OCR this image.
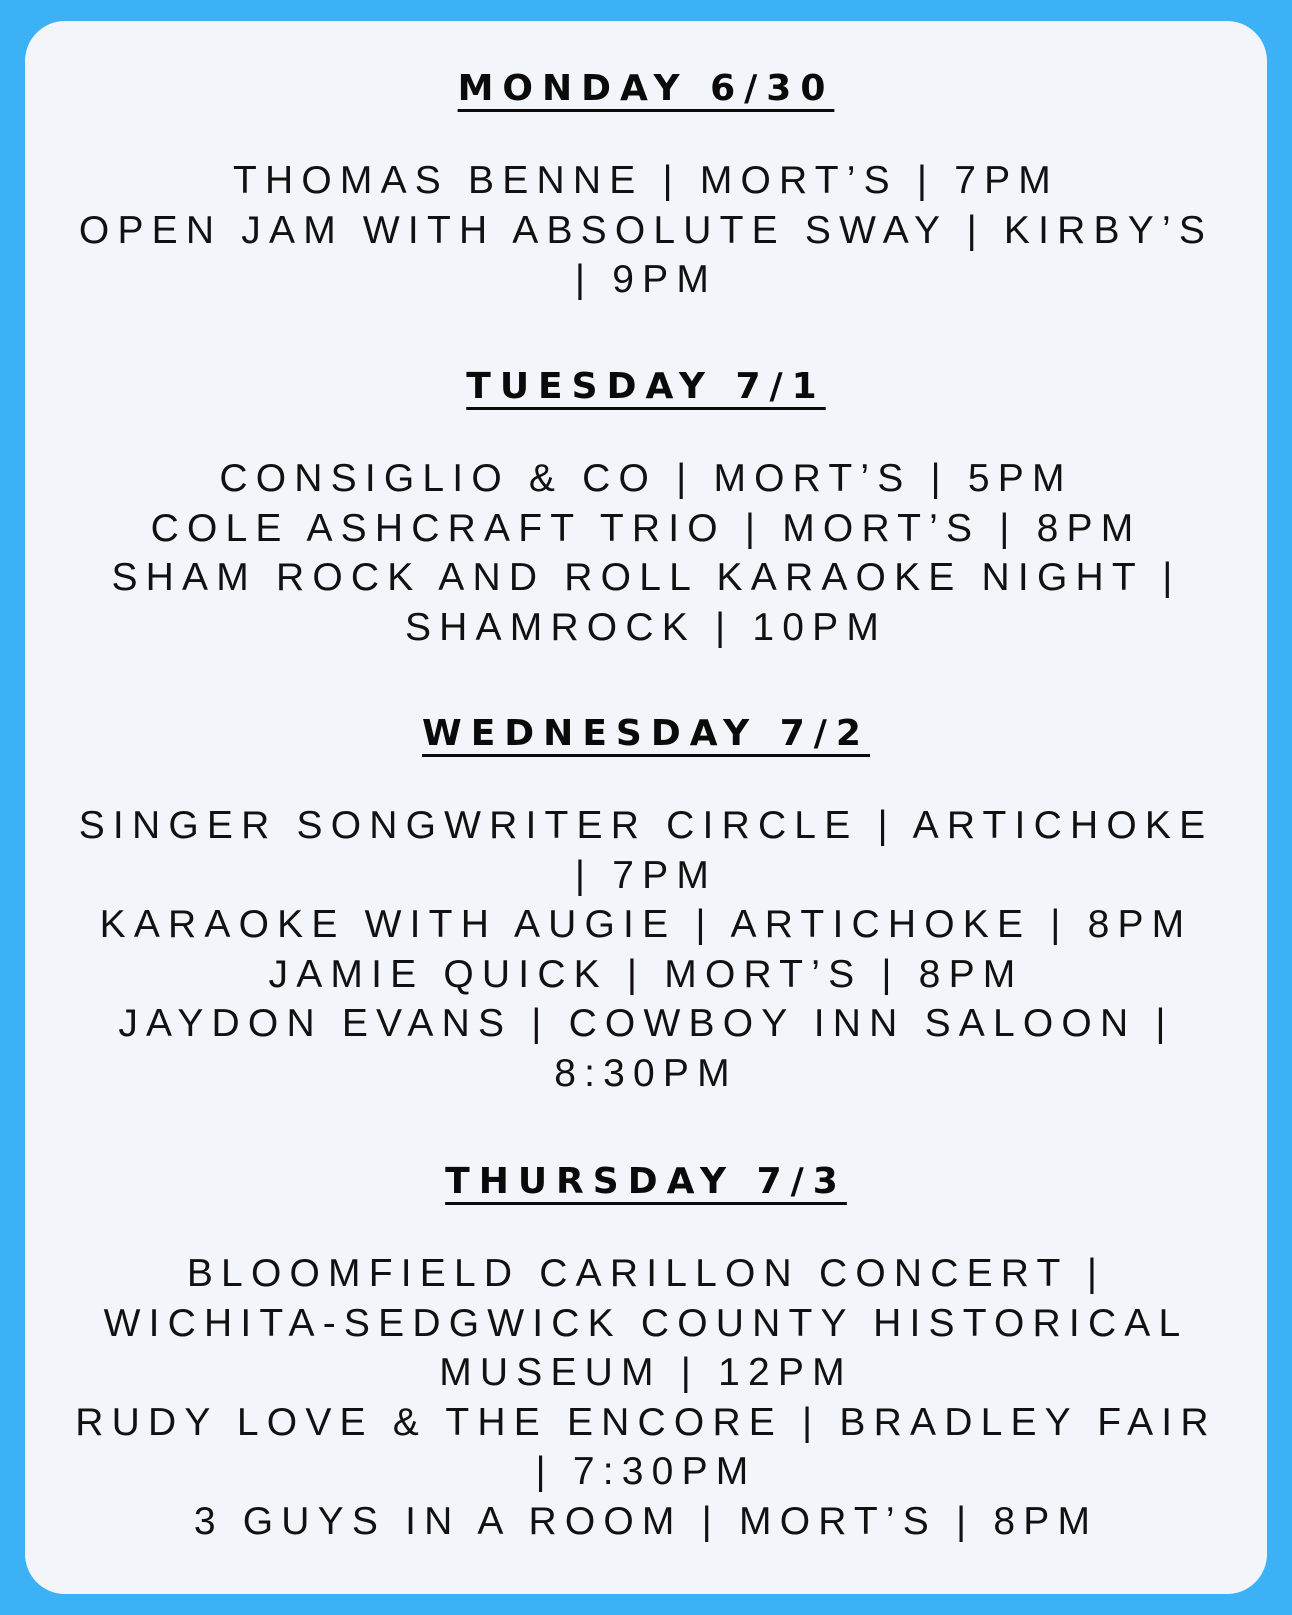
MONDAY 6/30
THOMAS BENNE | MORT’S | 7PM
OPEN JAM WITH ABSOLUTE SWAY | KIRBY’S | 9PM
TUESDAY 7/1
CONSIGLIO & CO | MORT’S | 5PM
COLE ASHCRAFT TRIO | MORT’S | 8PM
SHAM ROCK AND ROLL KARAOKE NIGHT | SHAMROCK | 10PM
WEDNESDAY 7/2
SINGER SONGWRITER CIRCLE | ARTICHOKE | 7PM
KARAOKE WITH AUGIE | ARTICHOKE | 8PM
JAMIE QUICK | MORT’S | 8PM
JAYDON EVANS | COWBOY INN SALOON | 8:30PM
THURSDAY 7/3
BLOOMFIELD CARILLON CONCERT | WICHITA-SEDGWICK COUNTY HISTORICAL MUSEUM | 12PM
RUDY LOVE & THE ENCORE | BRADLEY FAIR | 7:30PM
3 GUYS IN A ROOM | MORT’S | 8PM
